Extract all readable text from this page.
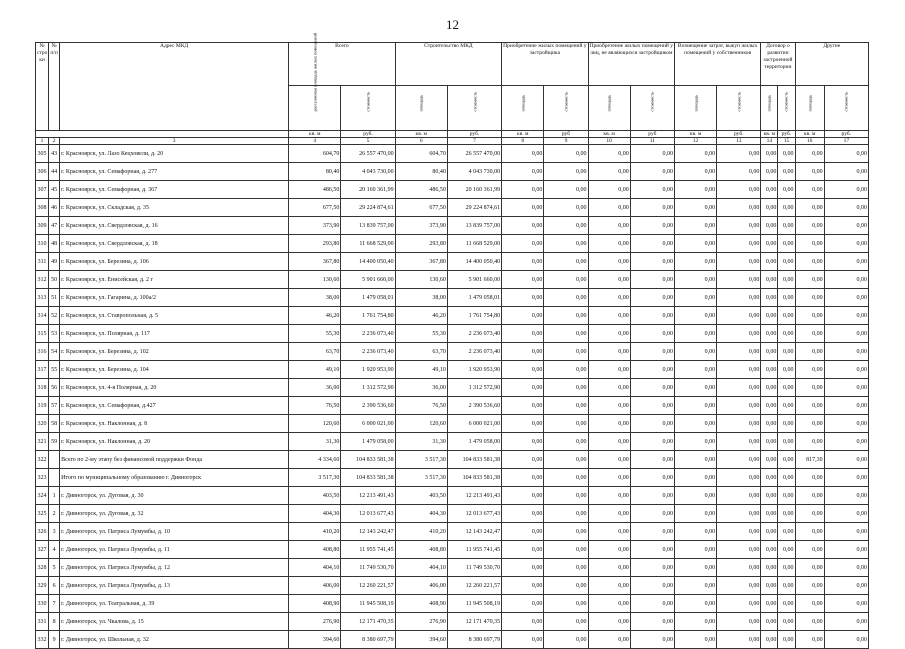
12
№ стро ки	№ п/п	Адрес МКД	Всего		Строительство МКД		Приобретение жилых помещений у застройщика		Приобретение жилых помещений у лиц, не являющихся застройщиком		Возмещение затрат, выкуп жилых помещений у собственников		Договор о развитии застроенной территории		Другие	

			расселяемая площадь жилых помещений	стоимость	площадь	стоимость	площадь	стоимость	площадь	стоимость	площадь	стоимость	площадь	стоимость	площадь	стоимость

			кв. м	руб.	кв. м	руб.	кв. м	руб	кв. м	руб	кв. м	руб.	кв. м	руб.	кв. м	руб.
1	2	3	4	5	6	7	8	9	10	11	12	13	14	15	16	17
305	43	г. Красноярск, ул. Лазо Кецховели, д. 20	604,70	26 557 470,00	604,70	26 557 470,00	0,00	0,00	0,00	0,00	0,00	0,00	0,00	0,00	0,00	0,00
306	44	г. Красноярск, ул. Семафорная, д. 277	80,40	4 043 730,00	80,40	4 043 730,00	0,00	0,00	0,00	0,00	0,00	0,00	0,00	0,00	0,00	0,00
307	45	г. Красноярск, ул. Семафорная, д. 367	486,50	20 160 361,99	486,50	20 160 361,99	0,00	0,00	0,00	0,00	0,00	0,00	0,00	0,00	0,00	0,00
308	46	г. Красноярск, ул. Складская, д. 35	677,50	29 224 874,61	677,50	29 224 874,61	0,00	0,00	0,00	0,00	0,00	0,00	0,00	0,00	0,00	0,00
309	47	г. Красноярск, ул. Свердловская, д. 16	373,90	13 839 757,00	373,90	13 839 757,00	0,00	0,00	0,00	0,00	0,00	0,00	0,00	0,00	0,00	0,00
310	48	г. Красноярск, ул. Свердловская, д. 18	293,80	11 668 529,00	293,80	11 668 529,00	0,00	0,00	0,00	0,00	0,00	0,00	0,00	0,00	0,00	0,00
311	49	г. Красноярск, ул. Березина, д. 106	367,80	14 400 050,40	367,80	14 400 050,40	0,00	0,00	0,00	0,00	0,00	0,00	0,00	0,00	0,00	0,00
312	50	г. Красноярск, ул. Енисейская, д. 2 г	130,60	5 901 660,00	130,60	5 901 660,00	0,00	0,00	0,00	0,00	0,00	0,00	0,00	0,00	0,00	0,00
313	51	г. Красноярск, ул. Гагарина, д. 100а/2	38,00	1 479 058,01	38,00	1 479 058,01	0,00	0,00	0,00	0,00	0,00	0,00	0,00	0,00	0,00	0,00
314	52	г. Красноярск, ул. Ставропольная, д. 5	46,20	1 761 754,80	46,20	1 761 754,80	0,00	0,00	0,00	0,00	0,00	0,00	0,00	0,00	0,00	0,00
315	53	г. Красноярск, ул. Полярная, д. 117	55,30	2 236 073,40	55,30	2 236 073,40	0,00	0,00	0,00	0,00	0,00	0,00	0,00	0,00	0,00	0,00
316	54	г. Красноярск, ул. Березина, д. 102	63,70	2 236 073,40	63,70	2 236 073,40	0,00	0,00	0,00	0,00	0,00	0,00	0,00	0,00	0,00	0,00
317	55	г. Красноярск, ул. Березина, д. 104	49,10	1 920 953,90	49,10	1 920 953,90	0,00	0,00	0,00	0,00	0,00	0,00	0,00	0,00	0,00	0,00
318	56	г. Красноярск, ул. 4-я Полярная, д. 20	36,00	1 312 572,90	36,00	1 312 572,90	0,00	0,00	0,00	0,00	0,00	0,00	0,00	0,00	0,00	0,00
319	57	г. Красноярск, ул. Семафорная, д.427	76,50	2 390 536,60	76,50	2 390 536,60	0,00	0,00	0,00	0,00	0,00	0,00	0,00	0,00	0,00	0,00
320	58	г. Красноярск, ул. Наклонная, д. 8	120,60	6 000 021,00	120,60	6 000 021,00	0,00	0,00	0,00	0,00	0,00	0,00	0,00	0,00	0,00	0,00
321	59	г. Красноярск, ул. Наклонная, д. 20	31,30	1 479 058,00	31,30	1 479 058,00	0,00	0,00	0,00	0,00	0,00	0,00	0,00	0,00	0,00	0,00
322		Всего по 2-му этапу без финансовой поддержки Фонда	4 334,60	104 833 581,38	3 517,30	104 833 581,38	0,00	0,00	0,00	0,00	0,00	0,00	0,00	0,00	817,30	0,00
323		Итого по муниципальному образованию г. Дивногорск	3 517,30	104 833 581,38	3 517,30	104 833 581,38	0,00	0,00	0,00	0,00	0,00	0,00	0,00	0,00	0,00	0,00
324	1	г. Дивногорск, ул. Дуговая, д. 30	403,50	12 213 491,43	403,50	12 213 491,43	0,00	0,00	0,00	0,00	0,00	0,00	0,00	0,00	0,00	0,00
325	2	г. Дивногорск, ул. Дуговая, д. 32	404,30	12 013 677,43	404,30	12 013 677,43	0,00	0,00	0,00	0,00	0,00	0,00	0,00	0,00	0,00	0,00
326	3	г. Дивногорск, ул. Патриса Лумумбы, д. 10	410,20	12 143 242,47	410,20	12 143 242,47	0,00	0,00	0,00	0,00	0,00	0,00	0,00	0,00	0,00	0,00
327	4	г. Дивногорск, ул. Патриса Лумумбы, д. 11	408,80	11 955 741,45	408,80	11 955 741,45	0,00	0,00	0,00	0,00	0,00	0,00	0,00	0,00	0,00	0,00
328	5	г. Дивногорск, ул. Патриса Лумумбы, д. 12	404,10	11 749 530,70	404,10	11 749 530,70	0,00	0,00	0,00	0,00	0,00	0,00	0,00	0,00	0,00	0,00
329	6	г. Дивногорск, ул. Патриса Лумумбы, д. 13	406,00	12 260 221,57	406,00	12 260 221,57	0,00	0,00	0,00	0,00	0,00	0,00	0,00	0,00	0,00	0,00
330	7	г. Дивногорск, ул. Театральная, д. 39	408,90	11 945 508,19	408,90	11 945 508,19	0,00	0,00	0,00	0,00	0,00	0,00	0,00	0,00	0,00	0,00
331	8	г. Дивногорск, ул. Чкалова, д. 15	276,90	12 171 470,35	276,90	12 171 470,35	0,00	0,00	0,00	0,00	0,00	0,00	0,00	0,00	0,00	0,00
332	9	г. Дивногорск, ул. Школьная, д. 32	394,60	8 380 697,79	394,60	8 380 697,79	0,00	0,00	0,00	0,00	0,00	0,00	0,00	0,00	0,00	0,00
